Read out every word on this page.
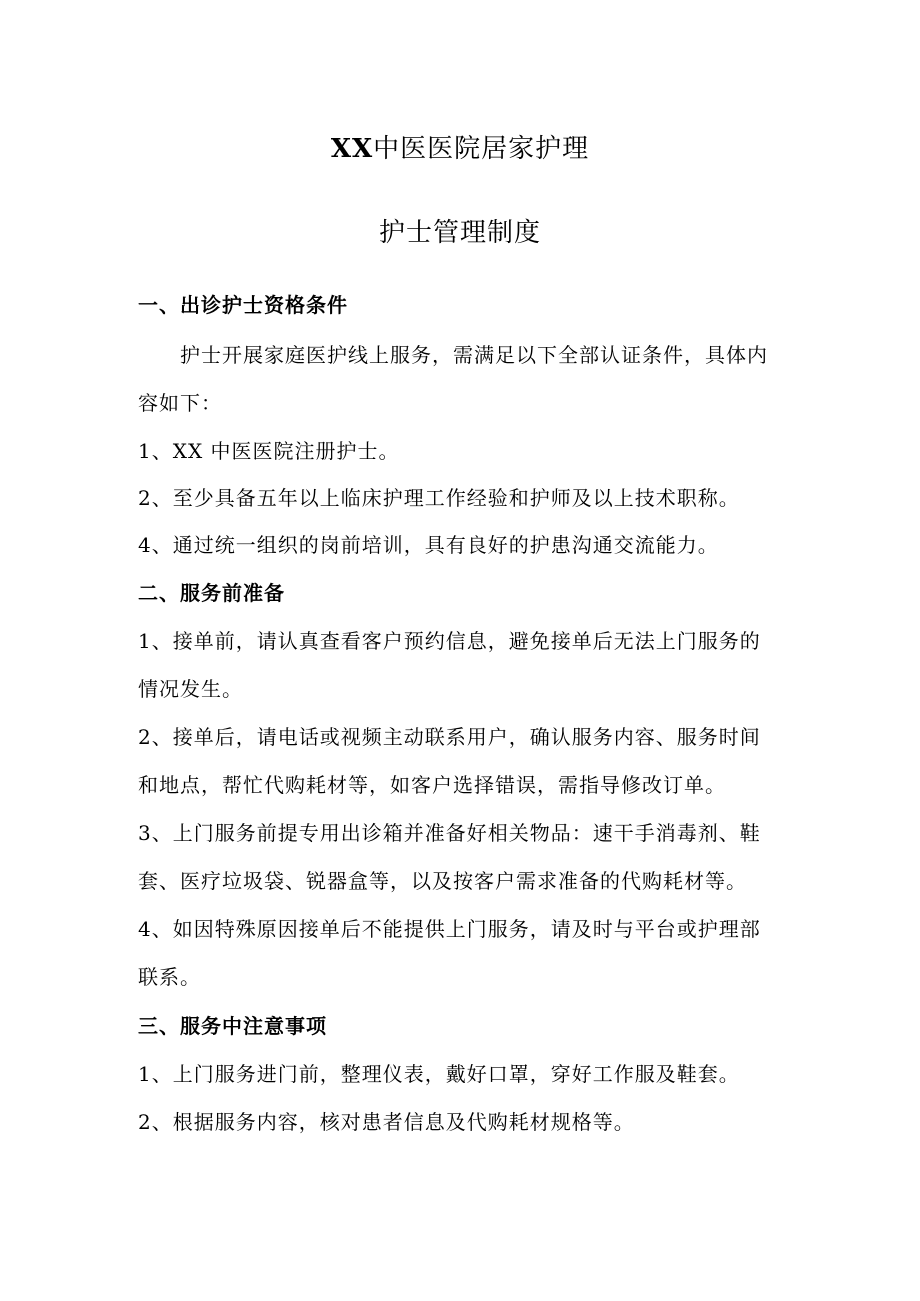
XX中医医院居家护理
护士管理制度
一、出诊护士资格条件
护士开展家庭医护线上服务，需满足以下全部认证条件，具体内
容如下：
1、XX 中医医院注册护士。
2、至少具备五年以上临床护理工作经验和护师及以上技术职称。
4、通过统一组织的岗前培训，具有良好的护患沟通交流能力。
二、服务前准备
1、接单前，请认真查看客户预约信息，避免接单后无法上门服务的
情况发生。
2、接单后，请电话或视频主动联系用户，确认服务内容、服务时间
和地点，帮忙代购耗材等，如客户选择错误，需指导修改订单。
3、上门服务前提专用出诊箱并准备好相关物品：速干手消毒剂、鞋
套、医疗垃圾袋、锐器盒等，以及按客户需求准备的代购耗材等。
4、如因特殊原因接单后不能提供上门服务，请及时与平台或护理部
联系。
三、服务中注意事项
1、上门服务进门前，整理仪表，戴好口罩，穿好工作服及鞋套。
2、根据服务内容，核对患者信息及代购耗材规格等。
